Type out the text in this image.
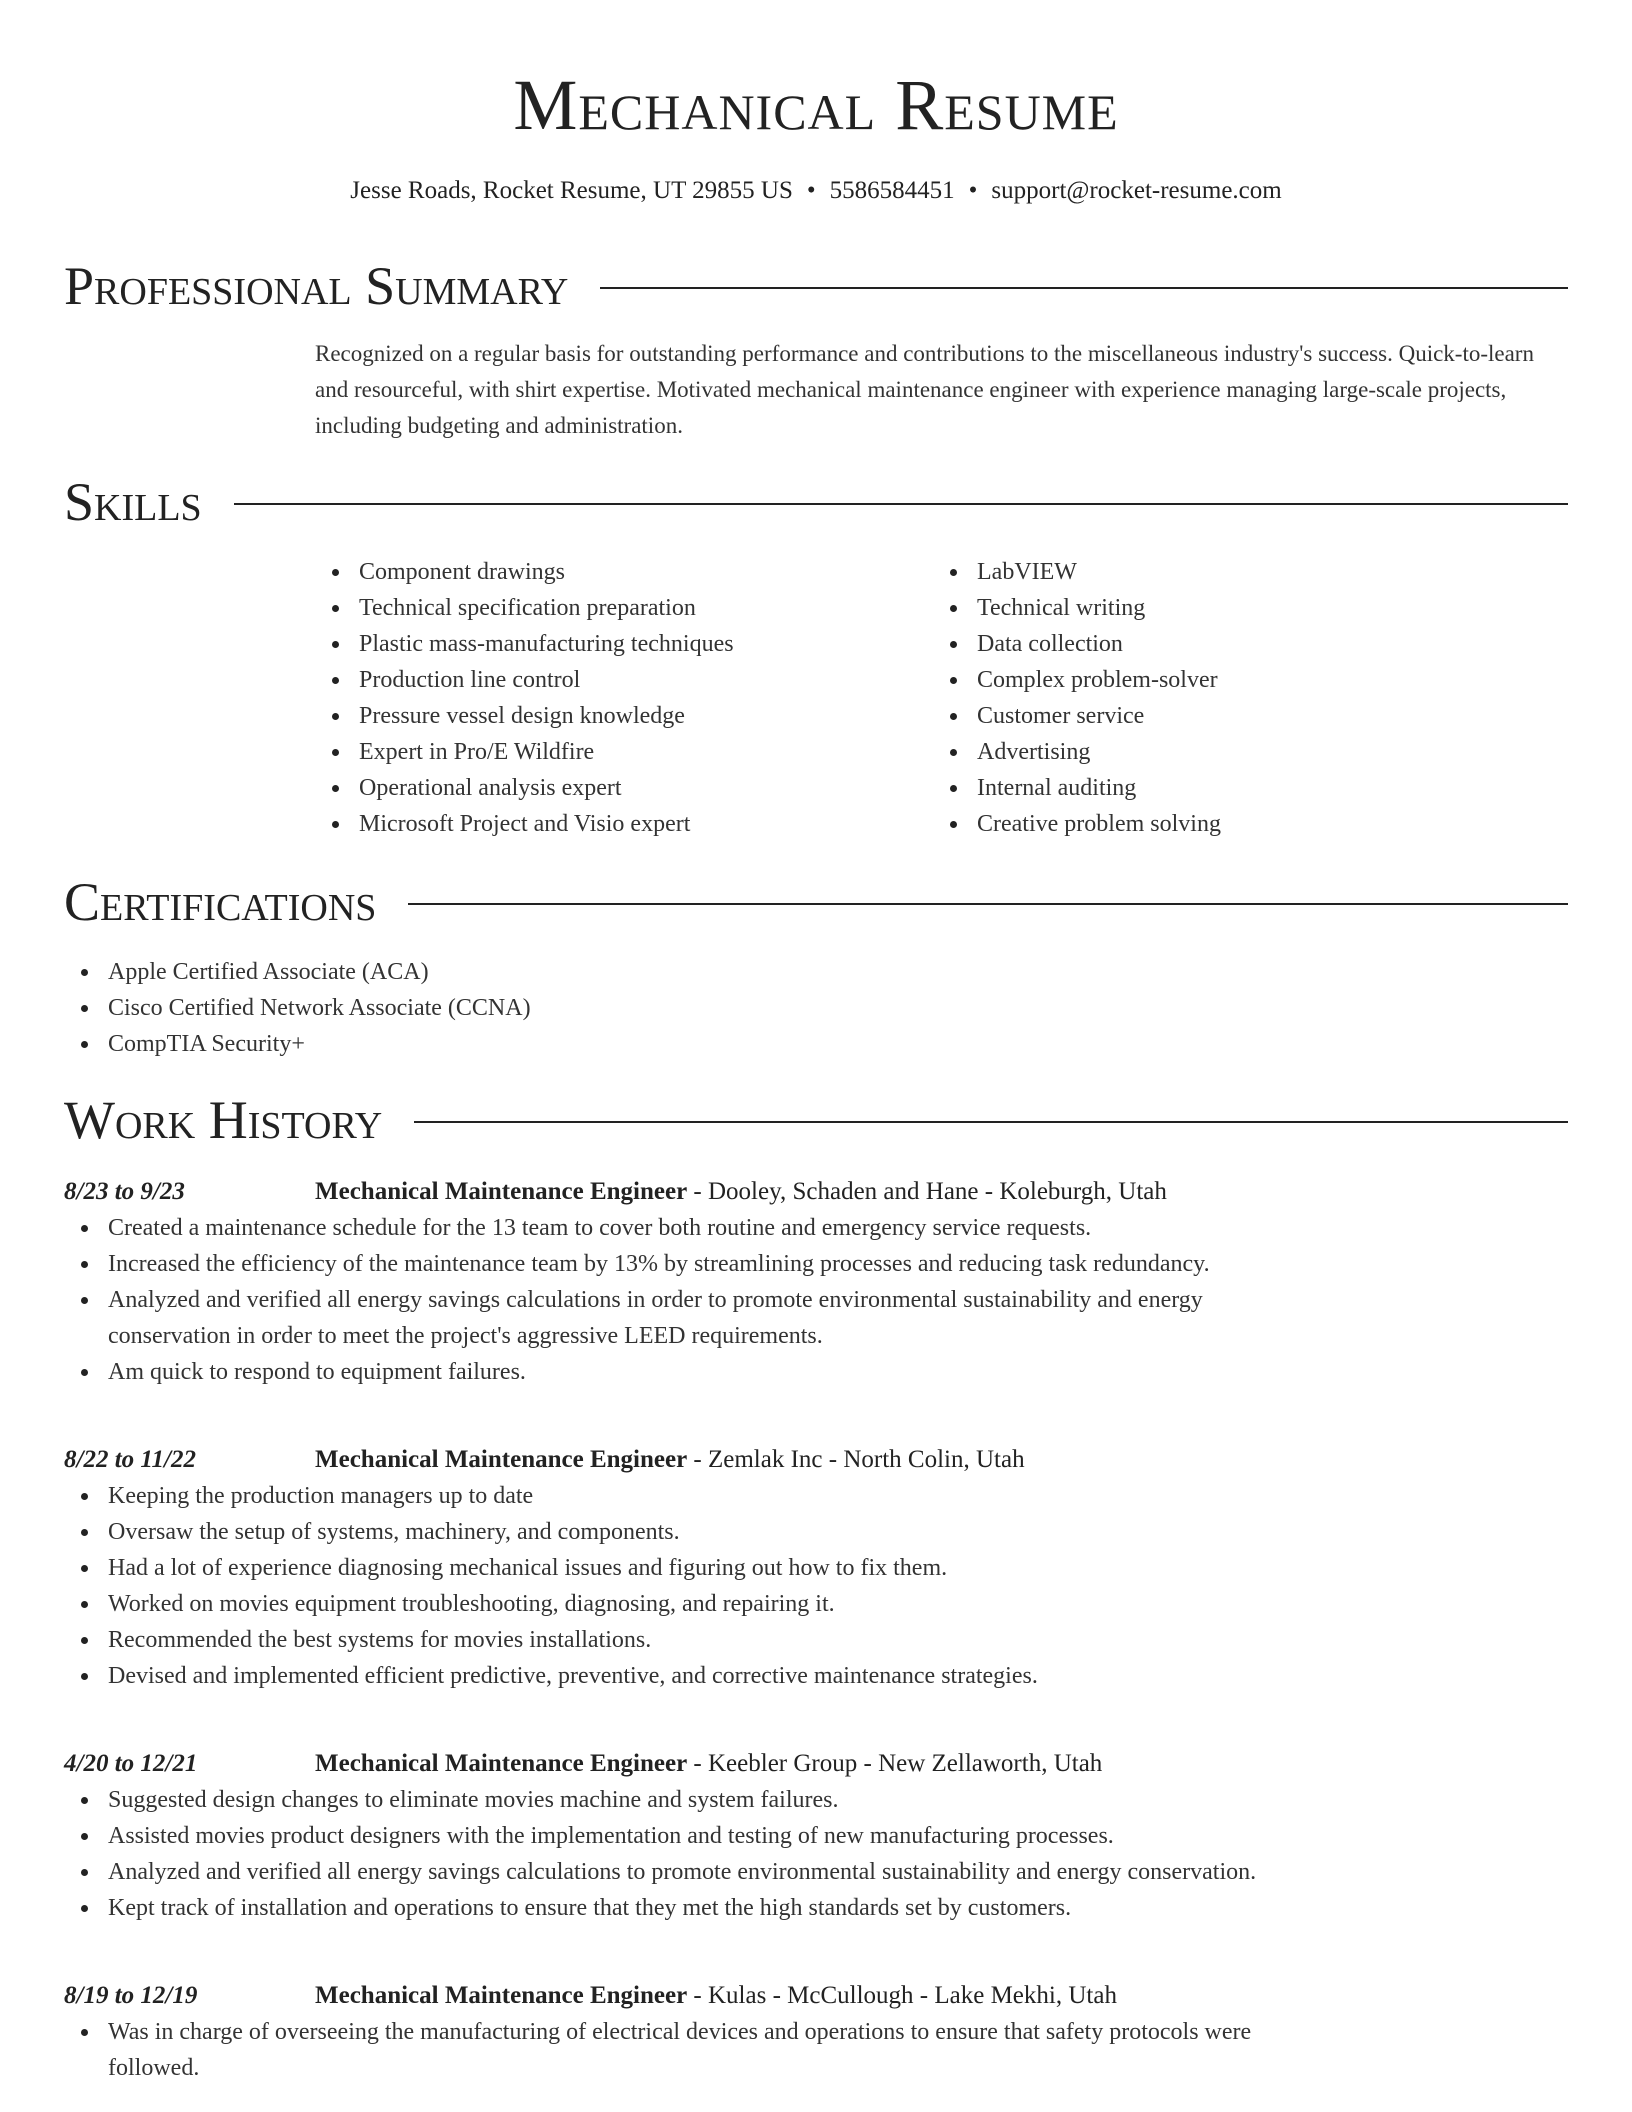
Mechanical Resume
Jesse Roads, Rocket Resume, UT 29855 US • 5586584451 • support@rocket-resume.com
Professional Summary

Recognized on a regular basis for outstanding performance and contributions to the miscellaneous industry's success. Quick-to-learn and resourceful, with shirt expertise. Motivated mechanical maintenance engineer with experience managing large-scale projects, including budgeting and administration.

Skills
Component drawings
Technical specification preparation
Plastic mass-manufacturing techniques
Production line control
Pressure vessel design knowledge
Expert in Pro/E Wildfire
Operational analysis expert
Microsoft Project and Visio expert
LabVIEW
Technical writing
Data collection
Complex problem-solver
Customer service
Advertising
Internal auditing
Creative problem solving
Certifications
Apple Certified Associate (ACA)
Cisco Certified Network Associate (CCNA)
CompTIA Security+
Work History
8/23 to 9/23	Mechanical Maintenance Engineer - Dooley, Schaden and Hane - Koleburgh, Utah
Created a maintenance schedule for the 13 team to cover both routine and emergency service requests.
Increased the efficiency of the maintenance team by 13% by streamlining processes and reducing task redundancy.
Analyzed and verified all energy savings calculations in order to promote environmental sustainability and energy conservation in order to meet the project's aggressive LEED requirements.
Am quick to respond to equipment failures.
8/22 to 11/22	Mechanical Maintenance Engineer - Zemlak Inc - North Colin, Utah
Keeping the production managers up to date
Oversaw the setup of systems, machinery, and components.
Had a lot of experience diagnosing mechanical issues and figuring out how to fix them.
Worked on movies equipment troubleshooting, diagnosing, and repairing it.
Recommended the best systems for movies installations.
Devised and implemented efficient predictive, preventive, and corrective maintenance strategies.
4/20 to 12/21	Mechanical Maintenance Engineer - Keebler Group - New Zellaworth, Utah
Suggested design changes to eliminate movies machine and system failures.
Assisted movies product designers with the implementation and testing of new manufacturing processes.
Analyzed and verified all energy savings calculations to promote environmental sustainability and energy conservation.
Kept track of installation and operations to ensure that they met the high standards set by customers.
8/19 to 12/19	Mechanical Maintenance Engineer - Kulas - McCullough - Lake Mekhi, Utah
Was in charge of overseeing the manufacturing of electrical devices and operations to ensure that safety protocols were followed.
